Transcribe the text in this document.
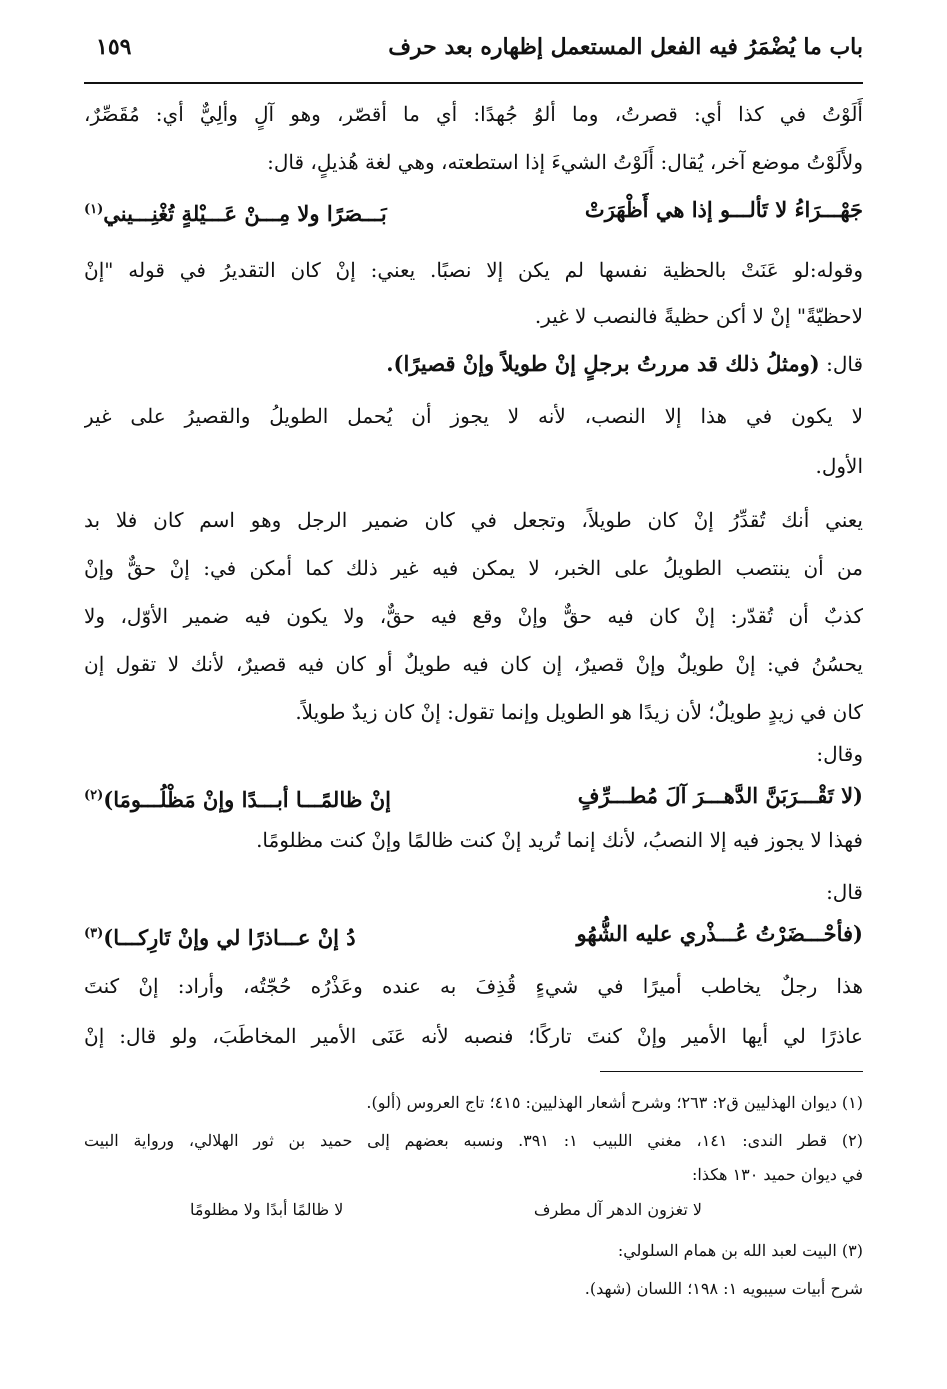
باب ما يُضْمَرُ فيه الفعل المستعمل إظهاره بعد حرف
١٥٩
أَلَوْتُ في كذا أي: قصرتُ، وما ألوُ جُهدًا: أي ما أقصّر، وهو آلٍ وألِيٌّ أي: مُقَصِّرٌ،
ولأَلَوْتُ موضع آخر، يُقال: أَلَوْتُ الشيءَ إذا استطعته، وهي لغة هُذيلٍ، قال:
جَهْـــرَاءُ لا تَألـــو إذا هي أَظْهَرَتْ
بَـــصَرًا ولا مِـــنْ عَـــيْلةٍ تُغْنِـــيني$^{(١)}$
وقوله:لو عَنَتْ بالحظية نفسها لم يكن إلا نصبًا. يعني: إنْ كان التقديرُ في قوله "إنْ
لاحظيّةً" إنْ لا أكن حظيةً فالنصب لا غير.
قال: (ومثلُ ذلك قد مررتُ برجلٍ إنْ طويلاً وإنْ قصيرًا).
لا يكون في هذا إلا النصب، لأنه لا يجوز أن يُحمل الطويلُ والقصيرُ على غير
الأول.
يعني أنك تُقدِّرُ إنْ كان طويلاً، وتجعل في كان ضمير الرجل وهو اسم كان فلا بد
من أن ينتصب الطويلُ على الخبر، لا يمكن فيه غير ذلك كما أمكن في: إنْ حقٌّ وإنْ
كذبٌ أن تُقدّر: إنْ كان فيه حقٌّ وإنْ وقع فيه حقٌّ، ولا يكون فيه ضمير الأوّل، ولا
يحسُنُ في: إنْ طويلٌ وإنْ قصيرٌ، إن كان فيه طويلٌ أو كان فيه قصيرٌ، لأنك لا تقول إن
كان في زيدٍ طويلٌ؛ لأن زيدًا هو الطويل وإنما تقول: إنْ كان زيدٌ طويلاً.
وقال:
(لا تَقْـــرَبَنَّ الدَّهـــرَ آلَ مُطـــرِّفٍ
إنْ ظالمًـــا أبـــدًا وإنْ مَظْلُـــومَا)$^{(٢)}$
فهذا لا يجوز فيه إلا النصبُ، لأنك إنما تُريد إنْ كنت ظالمًا وإنْ كنت مظلومًا.
قال:
(فأحْـــضَرْتُ عُـــذْري عليه الشُّهُو
دُ إنْ عـــاذرًا لي وإنْ تَارِكـــا)$^{(٣)}$
هذا رجلٌ يخاطب أميرًا في شيءٍ قُذِفَ به عنده وعَذْرُه حُجّتُه، وأراد: إنْ كنتَ
عاذرًا لي أيها الأمير وإنْ كنتَ تاركًا؛ فنصبه لأنه عَنَى الأمير المخاطَبَ، ولو قال: إنْ
(١) ديوان الهذليين ق٢: ٢٦٣؛ وشرح أشعار الهذليين: ٤١٥؛ تاج العروس (ألو).
(٢) قطر الندى: ١٤١، مغني اللبيب ١: ٣٩١. ونسبه بعضهم إلى حميد بن ثور الهلالي، ورواية البيت
في ديوان حميد ١٣٠ هكذا:
لا تغزون الدهر آل مطرف
لا ظالمًا أبدًا ولا مظلومًا
(٣) البيت لعبد الله بن همام السلولي:
شرح أبيات سيبويه ١: ١٩٨؛ اللسان (شهد).
